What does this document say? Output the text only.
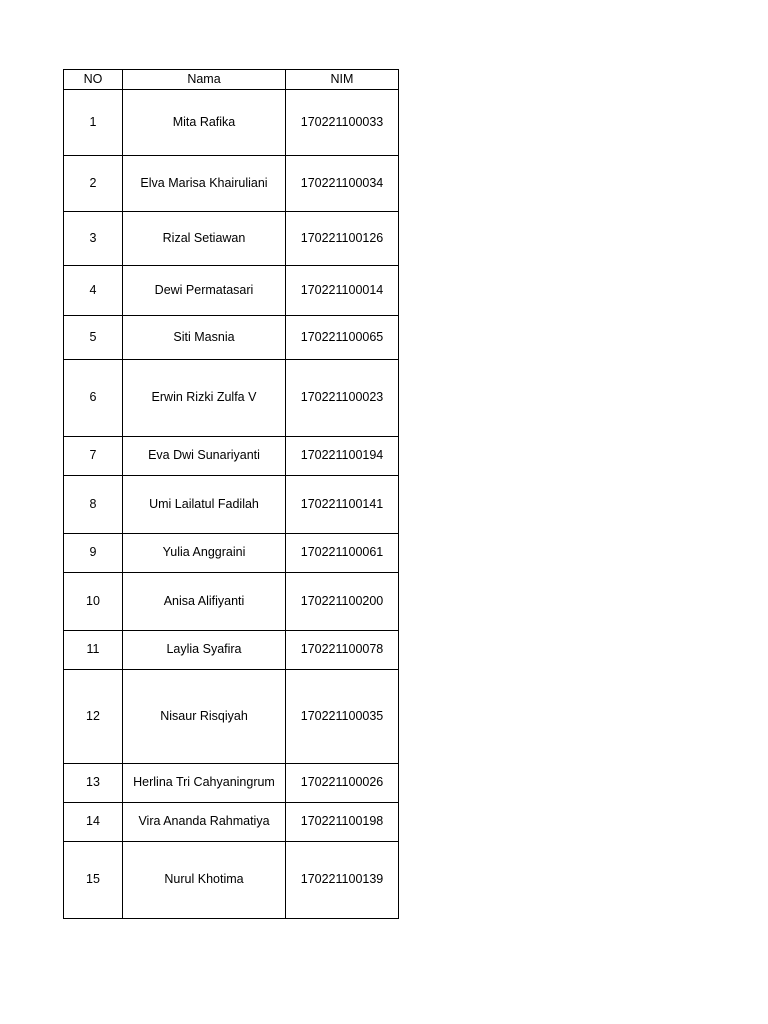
NO	Nama	NIM
1	Mita Rafika	170221100033
2	Elva Marisa Khairuliani	170221100034
3	Rizal Setiawan	170221100126
4	Dewi Permatasari	170221100014
5	Siti Masnia	170221100065
6	Erwin Rizki Zulfa V	170221100023
7	Eva Dwi Sunariyanti	170221100194
8	Umi Lailatul Fadilah	170221100141
9	Yulia Anggraini	170221100061
10	Anisa Alifiyanti	170221100200
11	Laylia Syafira	170221100078
12	Nisaur Risqiyah	170221100035
13	Herlina Tri Cahyaningrum	170221100026
14	Vira Ananda Rahmatiya	170221100198
15	Nurul Khotima	170221100139
